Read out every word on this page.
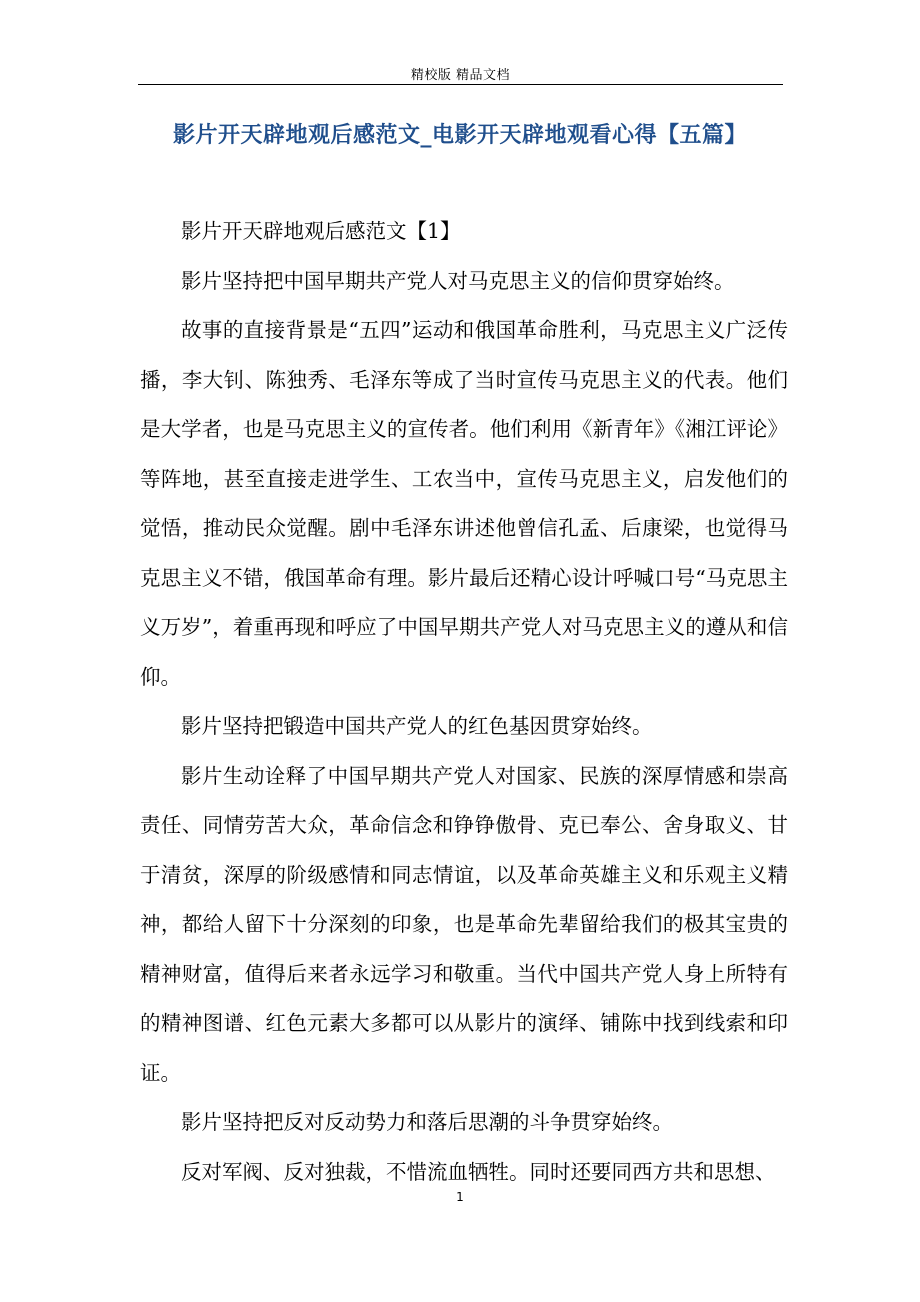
精校版 精品文档
影片开天辟地观后感范文_电影开天辟地观看心得【五篇】

影片开天辟地观后感范文【1】

影片坚持把中国早期共产党人对马克思主义的信仰贯穿始终。

故事的直接背景是“五四”运动和俄国革命胜利，马克思主义广泛传播，李大钊、陈独秀、毛泽东等成了当时宣传马克思主义的代表。他们是大学者，也是马克思主义的宣传者。他们利用《新青年》《湘江评论》等阵地，甚至直接走进学生、工农当中，宣传马克思主义，启发他们的觉悟，推动民众觉醒。剧中毛泽东讲述他曾信孔孟、后康梁，也觉得马克思主义不错，俄国革命有理。影片最后还精心设计呼喊口号“马克思主义万岁”，着重再现和呼应了中国早期共产党人对马克思主义的遵从和信仰。

影片坚持把锻造中国共产党人的红色基因贯穿始终。

影片生动诠释了中国早期共产党人对国家、民族的深厚情感和崇高责任、同情劳苦大众，革命信念和铮铮傲骨、克已奉公、舍身取义、甘于清贫，深厚的阶级感情和同志情谊，以及革命英雄主义和乐观主义精神，都给人留下十分深刻的印象，也是革命先辈留给我们的极其宝贵的精神财富，值得后来者永远学习和敬重。当代中国共产党人身上所特有的精神图谱、红色元素大多都可以从影片的演绎、铺陈中找到线索和印证。

影片坚持把反对反动势力和落后思潮的斗争贯穿始终。

反对军阀、反对独裁，不惜流血牺牲。同时还要同西方共和思想、

1
